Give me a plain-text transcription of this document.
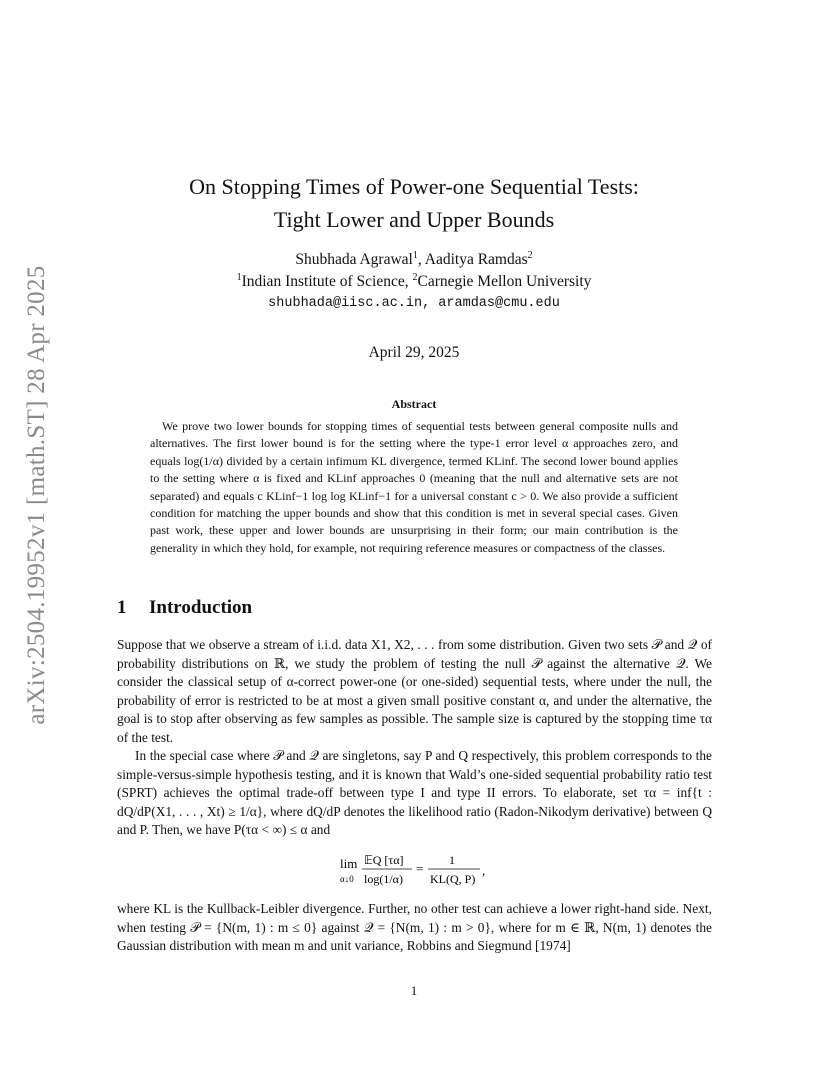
arXiv:2504.19952v1 [math.ST] 28 Apr 2025
On Stopping Times of Power-one Sequential Tests:
Tight Lower and Upper Bounds
Shubhada Agrawal$^1$, Aaditya Ramdas$^2$
$^1$Indian Institute of Science, $^2$Carnegie Mellon University
shubhada@iisc.ac.in, aramdas@cmu.edu
April 29, 2025
Abstract
We prove two lower bounds for stopping times of sequential tests between general composite nulls and alternatives. The first lower bound is for the setting where the type-1 error level α approaches zero, and equals log(1/α) divided by a certain infimum KL divergence, termed KLinf. The second lower bound applies to the setting where α is fixed and KLinf approaches 0 (meaning that the null and alternative sets are not separated) and equals c KLinf−1 log log KLinf−1 for a universal constant c > 0. We also provide a sufficient condition for matching the upper bounds and show that this condition is met in several special cases. Given past work, these upper and lower bounds are unsurprising in their form; our main contribution is the generality in which they hold, for example, not requiring reference measures or compactness of the classes.
1 Introduction
Suppose that we observe a stream of i.i.d. data X1, X2, . . . from some distribution. Given two sets 𝒫 and 𝒬 of probability distributions on ℝ, we study the problem of testing the null 𝒫 against the alternative 𝒬. We consider the classical setup of α-correct power-one (or one-sided) sequential tests, where under the null, the probability of error is restricted to be at most a given small positive constant α, and under the alternative, the goal is to stop after observing as few samples as possible. The sample size is captured by the stopping time τα of the test.
In the special case where 𝒫 and 𝒬 are singletons, say P and Q respectively, this problem corresponds to the simple-versus-simple hypothesis testing, and it is known that Wald’s one-sided sequential probability ratio test (SPRT) achieves the optimal trade-off between type I and type II errors. To elaborate, set τα = inf{t : dQ/dP(X1, . . . , Xt) ≥ 1/α}, where dQ/dP denotes the likelihood ratio (Radon-Nikodym derivative) between Q and P. Then, we have P(τα < ∞) ≤ α and
lim
α↓0
𝔼Q [τα]
log(1/α)
=
1
KL(Q, P)
,
where KL is the Kullback-Leibler divergence. Further, no other test can achieve a lower right-hand side. Next, when testing 𝒫 = {N(m, 1) : m ≤ 0} against 𝒬 = {N(m, 1) : m > 0}, where for m ∈ ℝ, N(m, 1) denotes the Gaussian distribution with mean m and unit variance, Robbins and Siegmund [1974]
1
